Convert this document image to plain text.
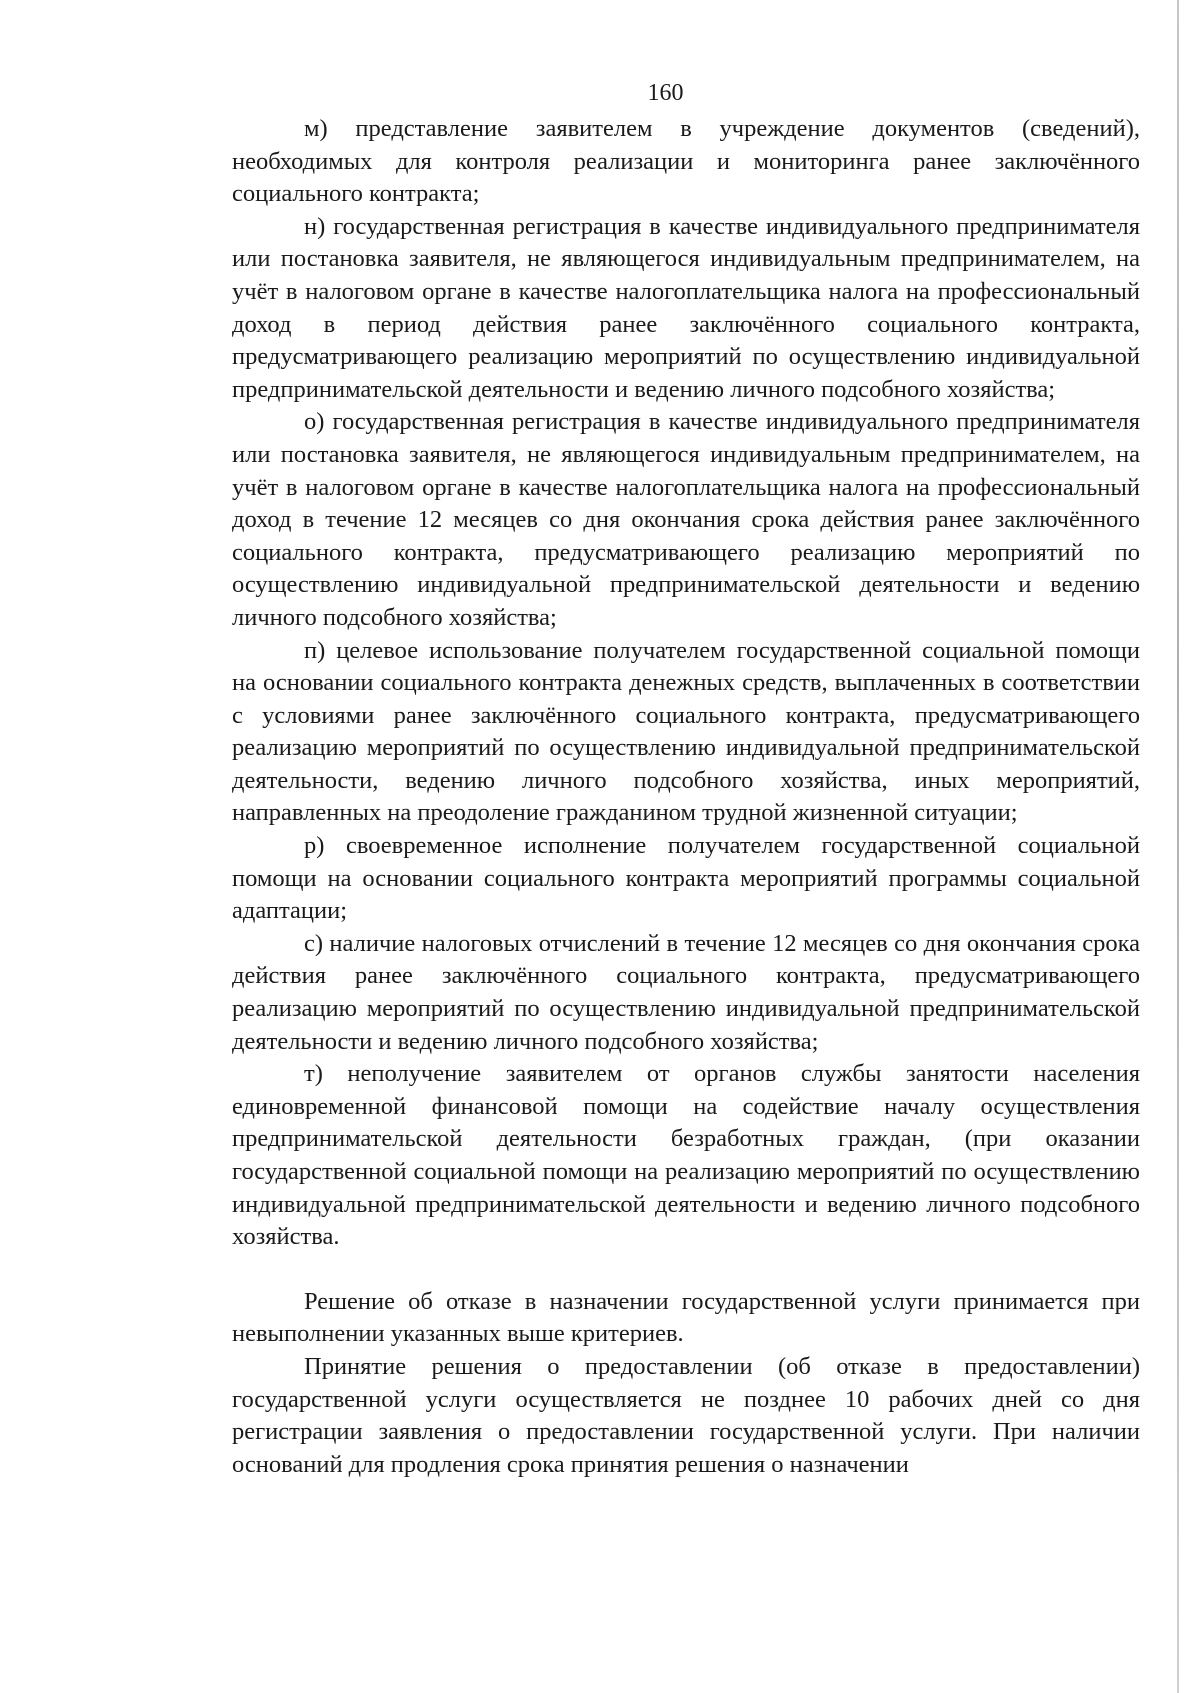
160

м) представление заявителем в учреждение документов (сведений), необходимых для контроля реализации и мониторинга ранее заключённого социального контракта;

н) государственная регистрация в качестве индивидуального предпринимателя или постановка заявителя, не являющегося индивидуальным предпринимателем, на учёт в налоговом органе в качестве налогоплательщика налога на профессиональный доход в период действия ранее заключённого социального контракта, предусматривающего реализацию мероприятий по осуществлению индивидуальной предпринимательской деятельности и ведению личного подсобного хозяйства;

о) государственная регистрация в качестве индивидуального предпринимателя или постановка заявителя, не являющегося индивидуальным предпринимателем, на учёт в налоговом органе в качестве налогоплательщика налога на профессиональный доход в течение 12 месяцев со дня окончания срока действия ранее заключённого социального контракта, предусматривающего реализацию мероприятий по осуществлению индивидуальной предпринимательской деятельности и ведению личного подсобного хозяйства;

п) целевое использование получателем государственной социальной помощи на основании социального контракта денежных средств, выплаченных в соответствии с условиями ранее заключённого социального контракта, предусматривающего реализацию мероприятий по осуществлению индивидуальной предпринимательской деятельности, ведению личного подсобного хозяйства, иных мероприятий, направленных на преодоление гражданином трудной жизненной ситуации;

р) своевременное исполнение получателем государственной социальной помощи на основании социального контракта мероприятий программы социальной адаптации;

с) наличие налоговых отчислений в течение 12 месяцев со дня окончания срока действия ранее заключённого социального контракта, предусматривающего реализацию мероприятий по осуществлению индивидуальной предпринимательской деятельности и ведению личного подсобного хозяйства;

т) неполучение заявителем от органов службы занятости населения единовременной финансовой помощи на содействие началу осуществления предпринимательской деятельности безработных граждан, (при оказании государственной социальной помощи на реализацию мероприятий по осуществлению индивидуальной предпринимательской деятельности и ведению личного подсобного хозяйства.

Решение об отказе в назначении государственной услуги принимается при невыполнении указанных выше критериев.

Принятие решения о предоставлении (об отказе в предоставлении) государственной услуги осуществляется не позднее 10 рабочих дней со дня регистрации заявления о предоставлении государственной услуги. При наличии оснований для продления срока принятия решения о назначении
